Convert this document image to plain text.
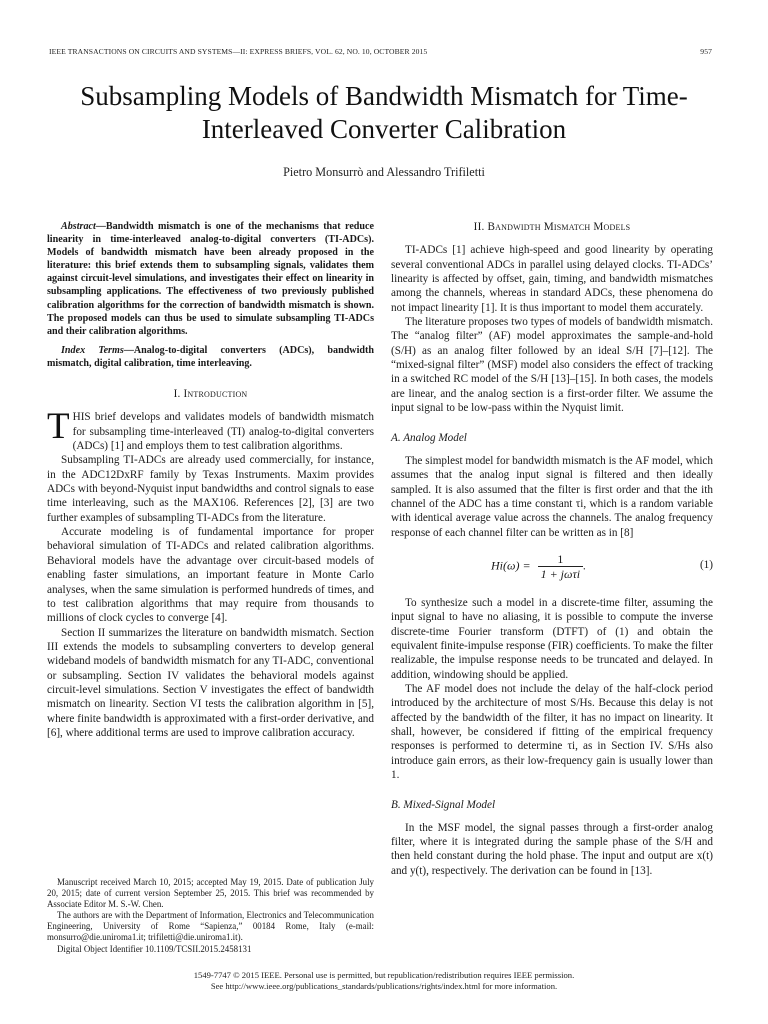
IEEE TRANSACTIONS ON CIRCUITS AND SYSTEMS—II: EXPRESS BRIEFS, VOL. 62, NO. 10, OCTOBER 2015	957
Subsampling Models of Bandwidth Mismatch for Time-Interleaved Converter Calibration
Pietro Monsurrò and Alessandro Trifiletti

Abstract—Bandwidth mismatch is one of the mechanisms that reduce linearity in time-interleaved analog-to-digital converters (TI-ADCs). Models of bandwidth mismatch have been already proposed in the literature: this brief extends them to subsampling signals, validates them against circuit-level simulations, and investigates their effect on linearity in subsampling applications. The effectiveness of two previously published calibration algorithms for the correction of bandwidth mismatch is shown. The proposed models can thus be used to simulate subsampling TI-ADCs and their calibration algorithms.

Index Terms—Analog-to-digital converters (ADCs), bandwidth mismatch, digital calibration, time interleaving.

I. Introduction

THIS brief develops and validates models of bandwidth mismatch for subsampling time-interleaved (TI) analog-to-digital converters (ADCs) [1] and employs them to test calibration algorithms.

Subsampling TI-ADCs are already used commercially, for instance, in the ADC12DxRF family by Texas Instruments. Maxim provides ADCs with beyond-Nyquist input bandwidths and control signals to ease time interleaving, such as the MAX106. References [2], [3] are two further examples of subsampling TI-ADCs from the literature.

Accurate modeling is of fundamental importance for proper behavioral simulation of TI-ADCs and related calibration algorithms. Behavioral models have the advantage over circuit-based models of enabling faster simulations, an important feature in Monte Carlo analyses, when the same simulation is performed hundreds of times, and to test calibration algorithms that may require from thousands to millions of clock cycles to converge [4].

Section II summarizes the literature on bandwidth mismatch. Section III extends the models to subsampling converters to develop general wideband models of bandwidth mismatch for any TI-ADC, conventional or subsampling. Section IV validates the behavioral models against circuit-level simulations. Section V investigates the effect of bandwidth mismatch on linearity. Section VI tests the calibration algorithm in [5], where finite bandwidth is approximated with a first-order derivative, and [6], where additional terms are used to improve calibration accuracy.

Manuscript received March 10, 2015; accepted May 19, 2015. Date of publication July 20, 2015; date of current version September 25, 2015. This brief was recommended by Associate Editor M. S.-W. Chen.

The authors are with the Department of Information, Electronics and Telecommunication Engineering, University of Rome “Sapienza,” 00184 Rome, Italy (e-mail: monsurro@die.uniroma1.it; trifiletti@die.uniroma1.it).

Digital Object Identifier 10.1109/TCSII.2015.2458131

II. Bandwidth Mismatch Models

TI-ADCs [1] achieve high-speed and good linearity by operating several conventional ADCs in parallel using delayed clocks. TI-ADCs’ linearity is affected by offset, gain, timing, and bandwidth mismatches among the channels, whereas in standard ADCs, these phenomena do not impact linearity [1]. It is thus important to model them accurately.

The literature proposes two types of models of bandwidth mismatch. The “analog filter” (AF) model approximates the sample-and-hold (S/H) as an analog filter followed by an ideal S/H [7]–[12]. The “mixed-signal filter” (MSF) model also considers the effect of tracking in a switched RC model of the S/H [13]–[15]. In both cases, the models are linear, and the analog section is a first-order filter. We assume the input signal to be low-pass within the Nyquist limit.

A. Analog Model

The simplest model for bandwidth mismatch is the AF model, which assumes that the analog input signal is filtered and then ideally sampled. It is also assumed that the filter is first order and that the ith channel of the ADC has a time constant τi, which is a random variable with identical average value across the channels. The analog frequency response of each channel filter can be written as in [8]

$Hi(\omega) = \frac{1}{\text{1 + jωτi}}$ .	(1)

To synthesize such a model in a discrete-time filter, assuming the input signal to have no aliasing, it is possible to compute the inverse discrete-time Fourier transform (DTFT) of (1) and obtain the equivalent finite-impulse response (FIR) coefficients. To make the filter realizable, the impulse response needs to be truncated and delayed. In addition, windowing should be applied.

The AF model does not include the delay of the half-clock period introduced by the architecture of most S/Hs. Because this delay is not affected by the bandwidth of the filter, it has no impact on linearity. It shall, however, be considered if fitting of the empirical frequency responses is performed to determine τi, as in Section IV. S/Hs also introduce gain errors, as their low-frequency gain is usually lower than 1.

B. Mixed-Signal Model

In the MSF model, the signal passes through a first-order analog filter, where it is integrated during the sample phase of the S/H and then held constant during the hold phase. The input and output are x(t) and y(t), respectively. The derivation can be found in [13].

1549-7747 © 2015 IEEE. Personal use is permitted, but republication/redistribution requires IEEE permission.
See http://www.ieee.org/publications_standards/publications/rights/index.html for more information.
